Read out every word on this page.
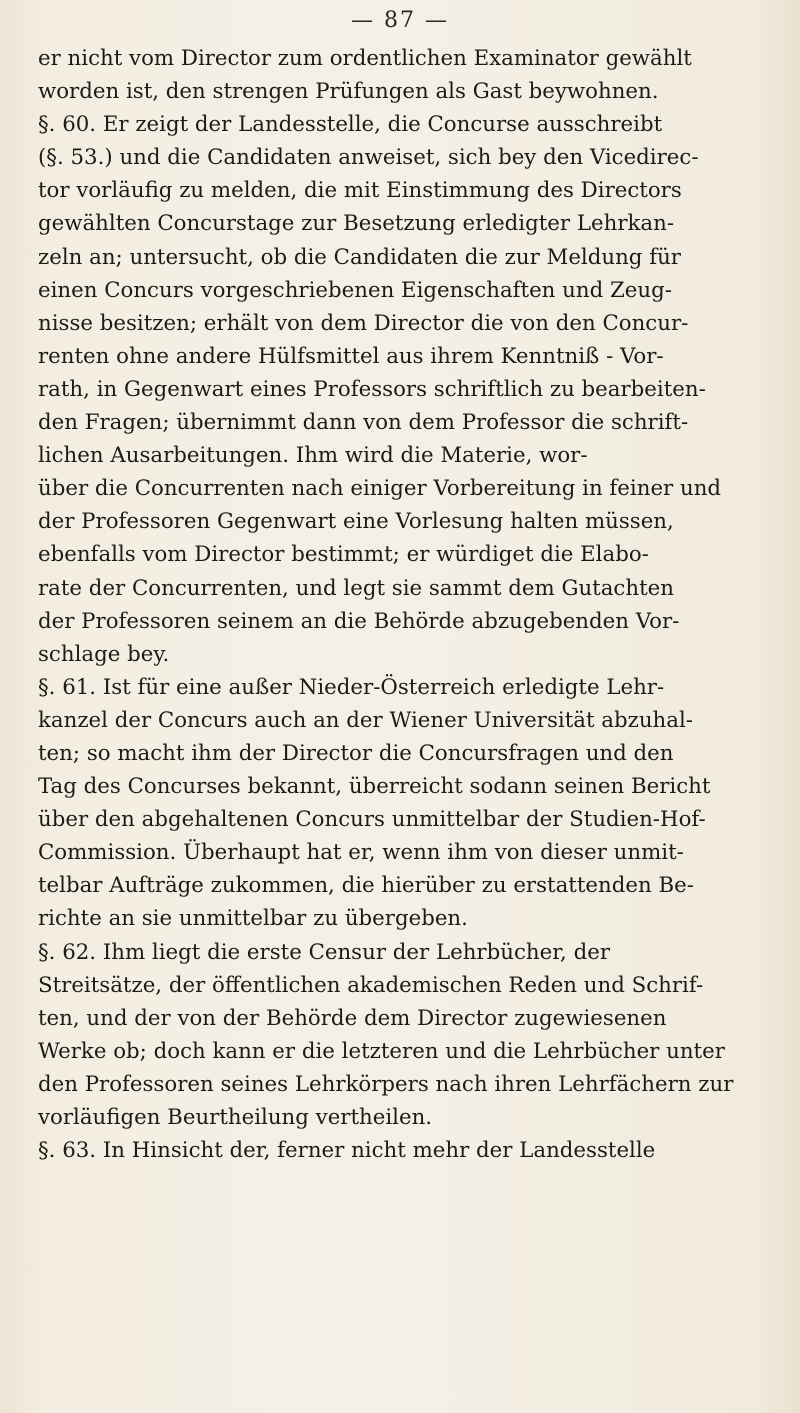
— 87 —
er nicht vom Director zum ordentlichen Examinator gewählt
worden ist, den strengen Prüfungen als Gast beywohnen.
§. 60. Er zeigt der Landesstelle, die Concurse ausschreibt
(§. 53.) und die Candidaten anweiset, sich bey den Vicedirec-
tor vorläufig zu melden, die mit Einstimmung des Directors
gewählten Concurstage zur Besetzung erledigter Lehrkan-
zeln an; untersucht, ob die Candidaten die zur Meldung für
einen Concurs vorgeschriebenen Eigenschaften und Zeug-
nisse besitzen; erhält von dem Director die von den Concur-
renten ohne andere Hülfsmittel aus ihrem Kenntniß - Vor-
rath, in Gegenwart eines Professors schriftlich zu bearbeiten-
den Fragen; übernimmt dann von dem Professor die schrift-
lichen Ausarbeitungen. Ihm wird die Materie, wor-
über die Concurrenten nach einiger Vorbereitung in feiner und
der Professoren Gegenwart eine Vorlesung halten müssen,
ebenfalls vom Director bestimmt; er würdiget die Elabo-
rate der Concurrenten, und legt sie sammt dem Gutachten
der Professoren seinem an die Behörde abzugebenden Vor-
schlage bey.
§. 61. Ist für eine außer Nieder-Österreich erledigte Lehr-
kanzel der Concurs auch an der Wiener Universität abzuhal-
ten; so macht ihm der Director die Concursfragen und den
Tag des Concurses bekannt, überreicht sodann seinen Bericht
über den abgehaltenen Concurs unmittelbar der Studien-Hof-
Commission. Überhaupt hat er, wenn ihm von dieser unmit-
telbar Aufträge zukommen, die hierüber zu erstattenden Be-
richte an sie unmittelbar zu übergeben.
§. 62. Ihm liegt die erste Censur der Lehrbücher, der
Streitsätze, der öffentlichen akademischen Reden und Schrif-
ten, und der von der Behörde dem Director zugewiesenen
Werke ob; doch kann er die letzteren und die Lehrbücher unter
den Professoren seines Lehrkörpers nach ihren Lehrfächern zur
vorläufigen Beurtheilung vertheilen.
§. 63. In Hinsicht der, ferner nicht mehr der Landesstelle
